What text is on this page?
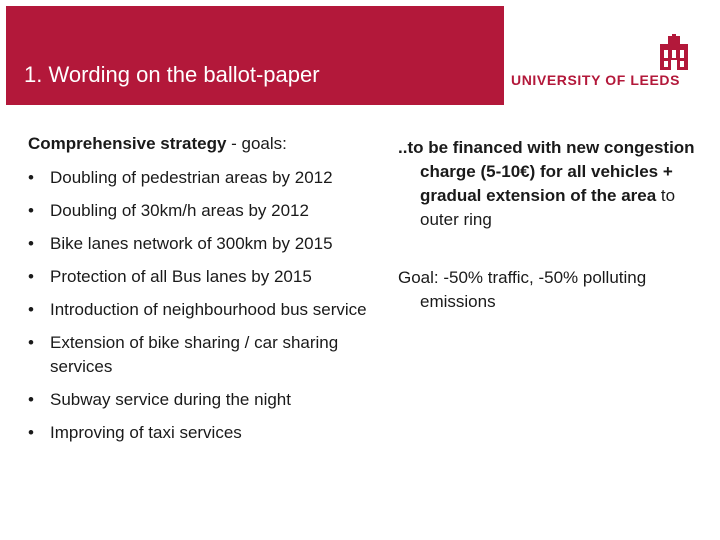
1. Wording on the ballot-paper	UNIVERSITY OF LEEDS

Comprehensive strategy - goals:

• Doubling of pedestrian areas by 2012
• Doubling of 30km/h areas by 2012
• Bike lanes network of 300km by 2015
• Protection of all Bus lanes by 2015
• Introduction of neighbourhood bus service
• Extension of bike sharing / car sharing services
• Subway service during the night
• Improving of taxi services

..to be financed with new congestion charge (5-10€) for all vehicles + gradual extension of the area to outer ring

Goal: -50% traffic, -50% polluting emissions
